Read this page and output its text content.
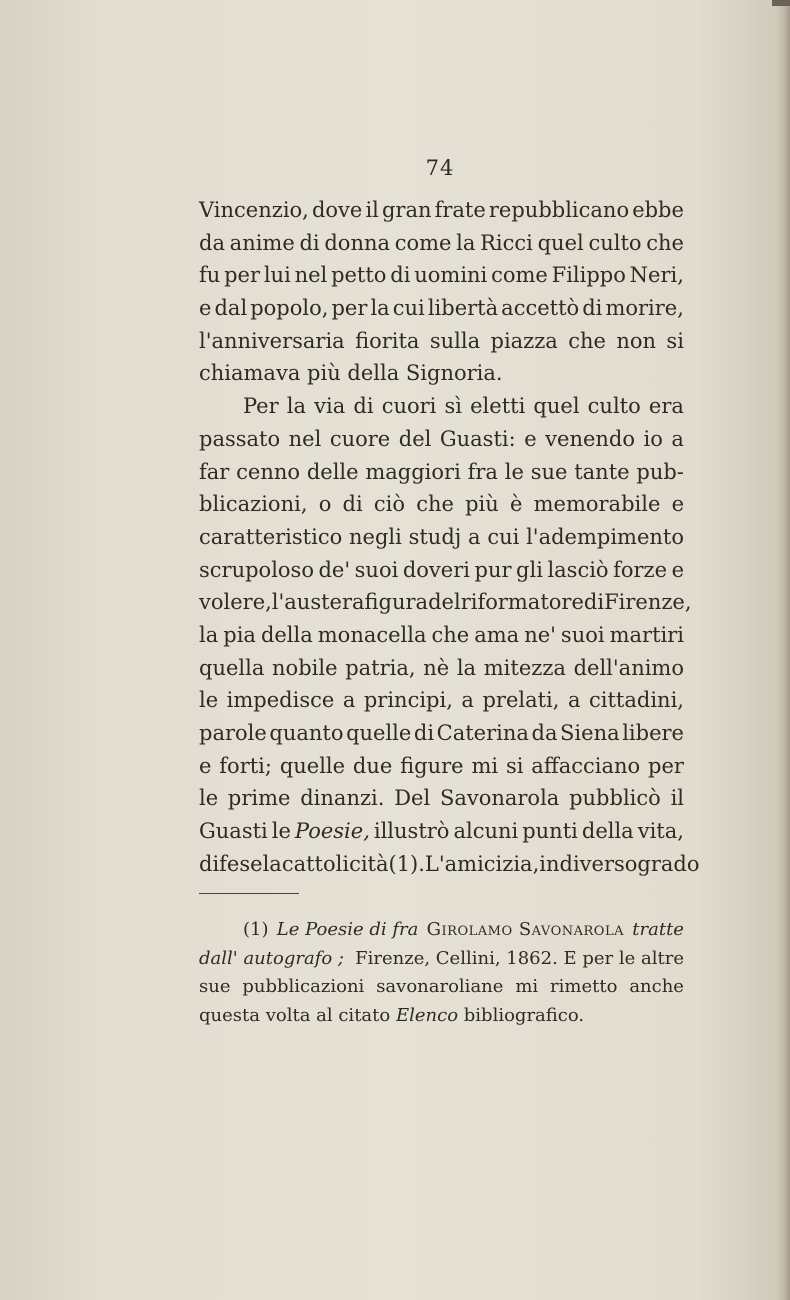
74
Vincenzio, dove il gran frate repubblicano ebbe
da anime di donna come la Ricci quel culto che
fu per lui nel petto di uomini come Filippo Neri,
e dal popolo, per la cui libertà accettò di morire,
l'anniversaria fiorita sulla piazza che non si
chiamava
più
della
Signoria.
Per la via di cuori sì eletti quel culto era
passato nel cuore del Guasti: e venendo io a
far cenno delle maggiori fra le sue tante pub-
blicazioni, o di ciò che più è memorabile e
caratteristico negli studj a cui l'adempimento
scrupoloso de' suoi doveri pur gli lasciò forze e
volere, l'austera figura del riformatore di Firenze,
la pia della monacella che ama ne' suoi martiri
quella nobile patria, nè la mitezza dell'animo
le impedisce a principi, a prelati, a cittadini,
parole quanto quelle di Caterina da Siena libere
e forti; quelle due figure mi si affacciano per
le prime dinanzi. Del Savonarola pubblicò il
Guasti le Poesie, illustrò alcuni punti della vita,
difese la cattolicità (1). L'amicizia, in diverso grado
(1) Le Poesie di fra Girolamo Savonarola tratte
dall' autografo ; Firenze, Cellini, 1862. E per le altre
sue pubblicazioni savonaroliane mi rimetto anche
questa volta al citato
Elenco
bibliografico.
